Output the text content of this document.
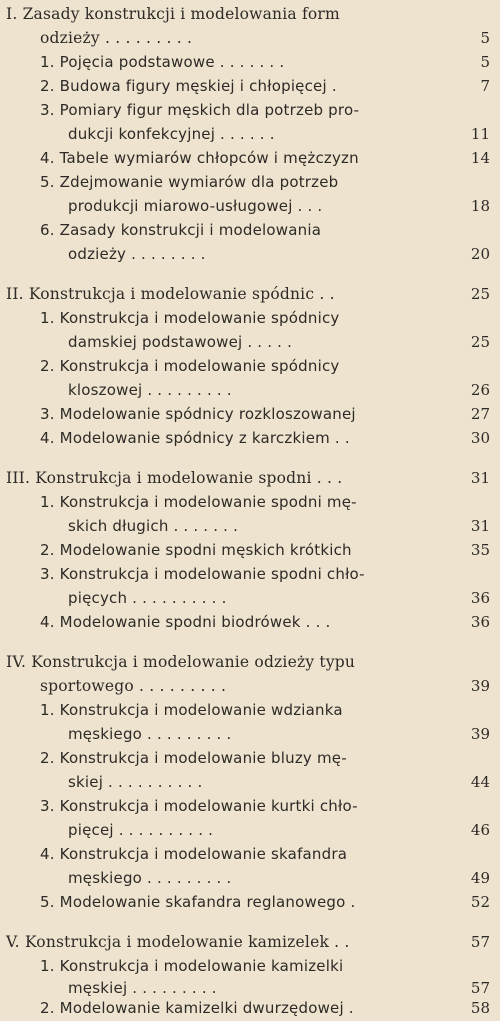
I. Zasady konstrukcji i modelowania form
odzieży . . . . . . . . .	5
1. Pojęcia podstawowe . . . . . . .	5
2. Budowa figury męskiej i chłopięcej .	7
3. Pomiary figur męskich dla potrzeb pro-
dukcji konfekcyjnej . . . . . .	11
4. Tabele wymiarów chłopców i mężczyzn	14
5. Zdejmowanie wymiarów dla potrzeb
produkcji miarowo-usługowej . . .	18
6. Zasady konstrukcji i modelowania
odzieży . . . . . . . .	20
II. Konstrukcja i modelowanie spódnic . .	25
1. Konstrukcja i modelowanie spódnicy
damskiej podstawowej . . . . .	25
2. Konstrukcja i modelowanie spódnicy
kloszowej . . . . . . . . .	26
3. Modelowanie spódnicy rozkloszowanej	27
4. Modelowanie spódnicy z karczkiem . .	30
III. Konstrukcja i modelowanie spodni . . .	31
1. Konstrukcja i modelowanie spodni mę-
skich długich . . . . . . .	31
2. Modelowanie spodni męskich krótkich	35
3. Konstrukcja i modelowanie spodni chło-
pięcych . . . . . . . . . .	36
4. Modelowanie spodni biodrówek . . .	36
IV. Konstrukcja i modelowanie odzieży typu
sportowego . . . . . . . . .	39
1. Konstrukcja i modelowanie wdzianka
męskiego . . . . . . . . .	39
2. Konstrukcja i modelowanie bluzy mę-
skiej . . . . . . . . . .	44
3. Konstrukcja i modelowanie kurtki chło-
pięcej . . . . . . . . . .	46
4. Konstrukcja i modelowanie skafandra
męskiego . . . . . . . . .	49
5. Modelowanie skafandra reglanowego .	52
V. Konstrukcja i modelowanie kamizelek . .	57
1. Konstrukcja i modelowanie kamizelki
męskiej . . . . . . . . .	57
2. Modelowanie kamizelki dwurzędowej .	58
